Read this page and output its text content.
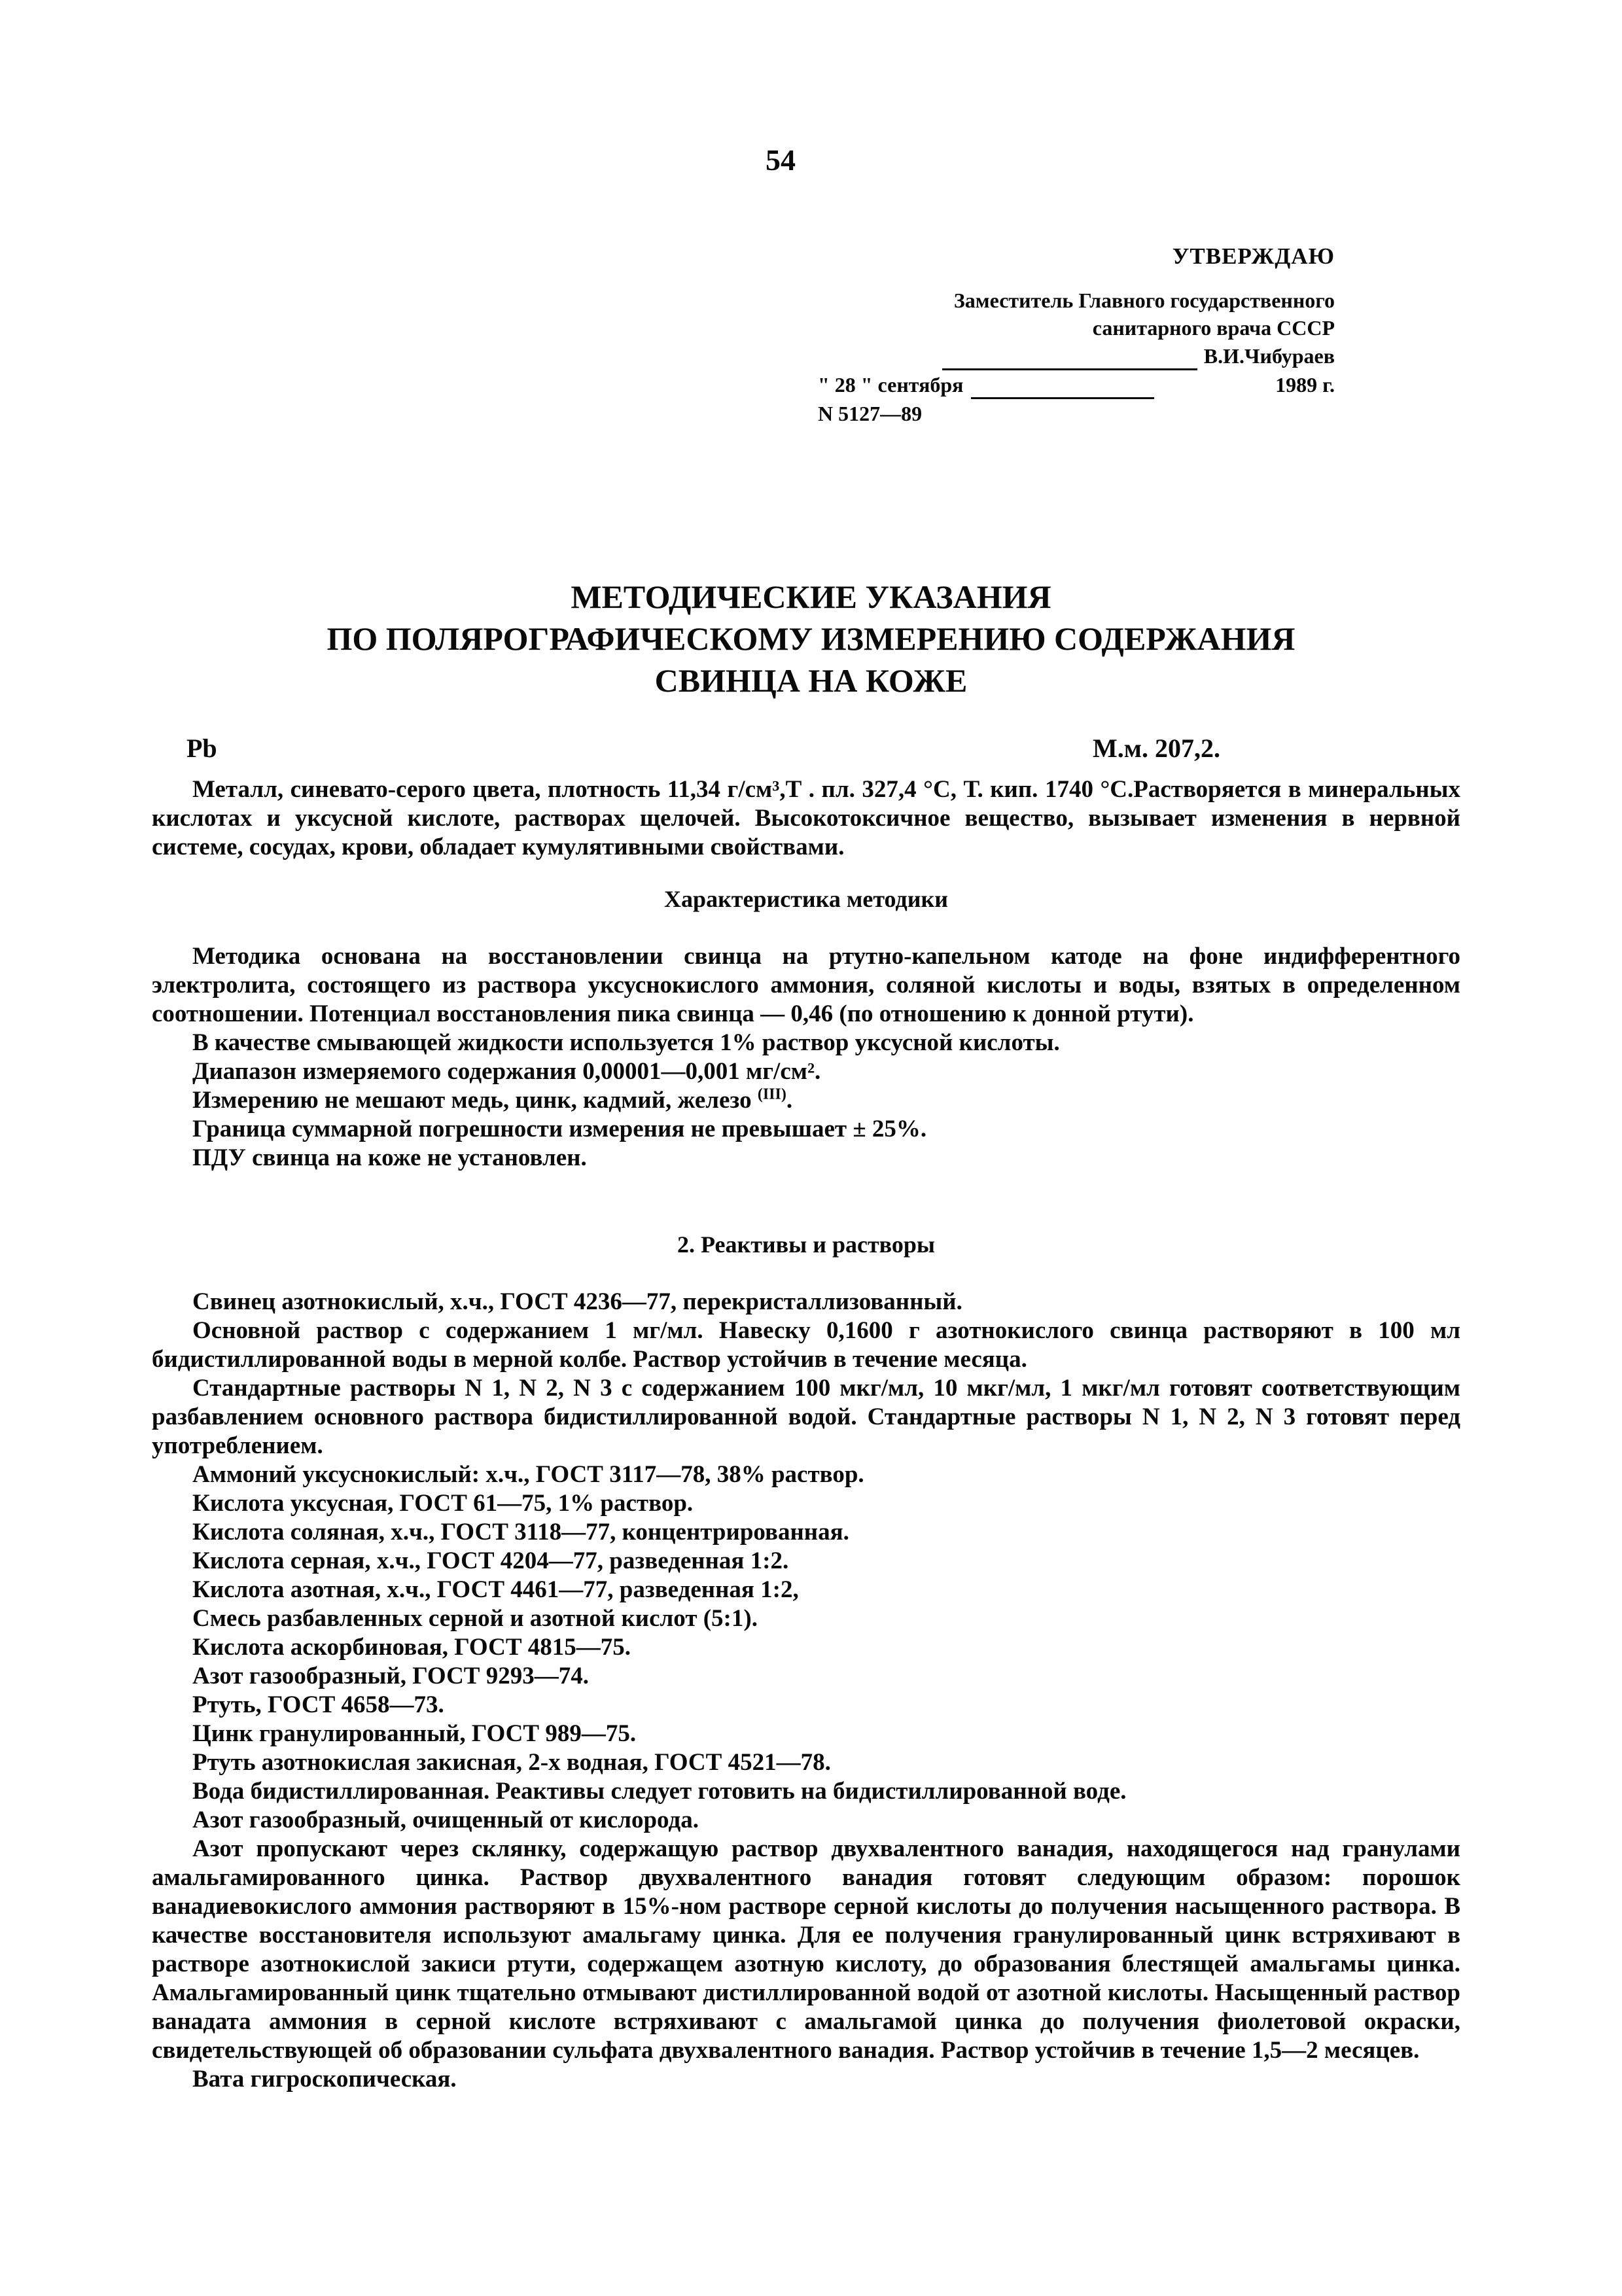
54
УТВЕРЖДАЮ
Заместитель Главного государственного
санитарного врача СССР
В.И.Чибураев
" 28 " сентября	1989 г.
N 5127—89
МЕТОДИЧЕСКИЕ УКАЗАНИЯ
ПО ПОЛЯРОГРАФИЧЕСКОМУ ИЗМЕРЕНИЮ СОДЕРЖАНИЯ
СВИНЦА НА КОЖЕ
Pb	М.м. 207,2.

Металл, синевато-серого цвета, плотность 11,34 г/см³,Т . пл. 327,4 °С, Т. кип. 1740 °С.Растворяется в минеральных кислотах и уксусной кислоте, растворах щелочей. Высокотоксичное вещество, вызывает изменения в нервной системе, сосудах, крови, обладает кумулятивными свойствами.

Характеристика методики

Методика основана на восстановлении свинца на ртутно-капельном катоде на фоне индифферентного электролита, состоящего из раствора уксуснокислого аммония, соляной кислоты и воды, взятых в определенном соотношении. Потенциал восстановления пика свинца — 0,46 (по отношению к донной ртути).

В качестве смывающей жидкости используется 1% раствор уксусной кислоты.

Диапазон измеряемого содержания 0,00001—0,001 мг/см².

Измерению не мешают медь, цинк, кадмий, железо $^{(III)}$.

Граница суммарной погрешности измерения не превышает ± 25%.

ПДУ свинца на коже не установлен.

2. Реактивы и растворы

Свинец азотнокислый, х.ч., ГОСТ 4236—77, перекристаллизованный.

Основной раствор с содержанием 1 мг/мл. Навеску 0,1600 г азотнокислого свинца растворяют в 100 мл бидистиллированной воды в мерной колбе. Раствор устойчив в течение месяца.

Стандартные растворы N 1, N 2, N 3 с содержанием 100 мкг/мл, 10 мкг/мл, 1 мкг/мл готовят соответствующим разбавлением основного раствора бидистиллированной водой. Стандартные растворы N 1, N 2, N 3 готовят перед употреблением.

Аммоний уксуснокислый: х.ч., ГОСТ 3117—78, 38% раствор.

Кислота уксусная, ГОСТ 61—75, 1% раствор.

Кислота соляная, х.ч., ГОСТ 3118—77, концентрированная.

Кислота серная, х.ч., ГОСТ 4204—77, разведенная 1:2.

Кислота азотная, х.ч., ГОСТ 4461—77, разведенная 1:2,

Смесь разбавленных серной и азотной кислот (5:1).

Кислота аскорбиновая, ГОСТ 4815—75.

Азот газообразный, ГОСТ 9293—74.

Ртуть, ГОСТ 4658—73.

Цинк гранулированный, ГОСТ 989—75.

Ртуть азотнокислая закисная, 2-х водная, ГОСТ 4521—78.

Вода бидистиллированная. Реактивы следует готовить на бидистиллированной воде.

Азот газообразный, очищенный от кислорода.

Азот пропускают через склянку, содержащую раствор двухвалентного ванадия, находящегося над гранулами амальгамированного цинка. Раствор двухвалентного ванадия готовят следующим образом: порошок ванадиевокислого аммония растворяют в 15%-ном растворе серной кислоты до получения насыщенного раствора. В качестве восстановителя используют амальгаму цинка. Для ее получения гранулированный цинк встряхивают в растворе азотнокислой закиси ртути, содержащем азотную кислоту, до образования блестящей амальгамы цинка. Амальгамированный цинк тщательно отмывают дистиллированной водой от азотной кислоты. Насыщенный раствор ванадата аммония в серной кислоте встряхивают с амальгамой цинка до получения фиолетовой окраски, свидетельствующей об образовании сульфата двухвалентного ванадия. Раствор устойчив в течение 1,5—2 месяцев.

Вата гигроскопическая.
